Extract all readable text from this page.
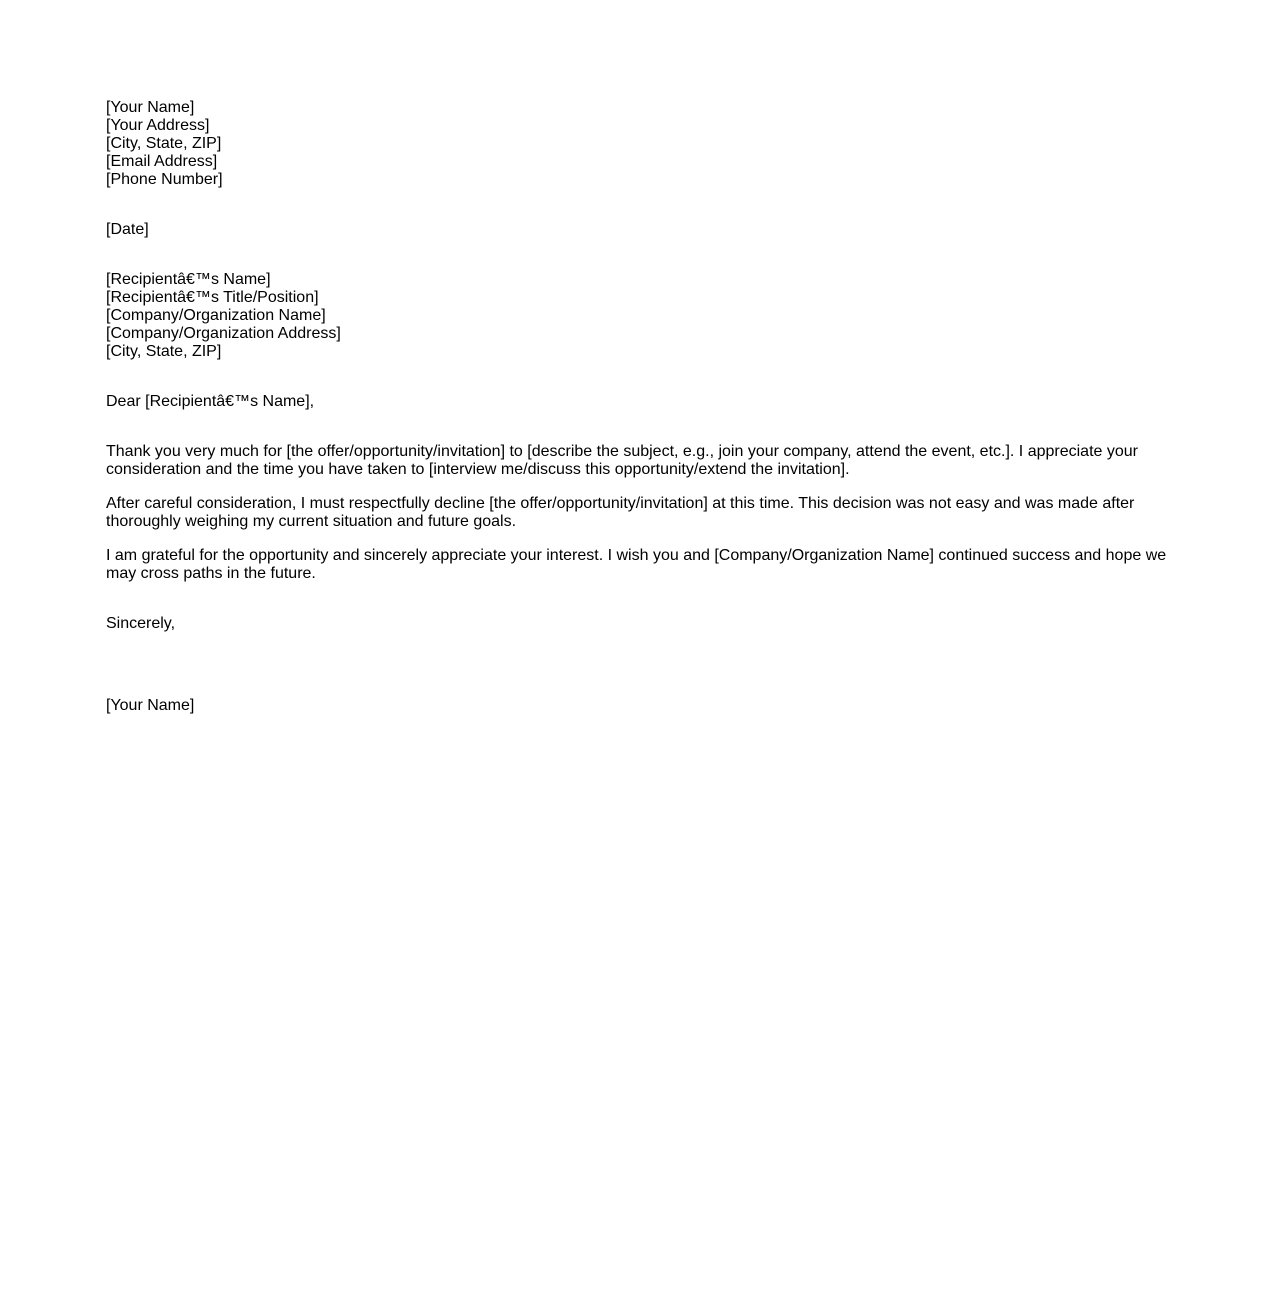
[Your Name]
[Your Address]
[City, State, ZIP]
[Email Address]
[Phone Number]
[Date]
[Recipientâ€™s Name]
[Recipientâ€™s Title/Position]
[Company/Organization Name]
[Company/Organization Address]
[City, State, ZIP]
Dear [Recipientâ€™s Name],

Thank you very much for [the offer/opportunity/invitation] to [describe the subject, e.g., join your company, attend the event, etc.]. I appreciate your consideration and the time you have taken to [interview me/discuss this opportunity/extend the invitation].

After careful consideration, I must respectfully decline [the offer/opportunity/invitation] at this time. This decision was not easy and was made after thoroughly weighing my current situation and future goals.

I am grateful for the opportunity and sincerely appreciate your interest. I wish you and [Company/Organization Name] continued success and hope we may cross paths in the future.

Sincerely,
[Your Name]
